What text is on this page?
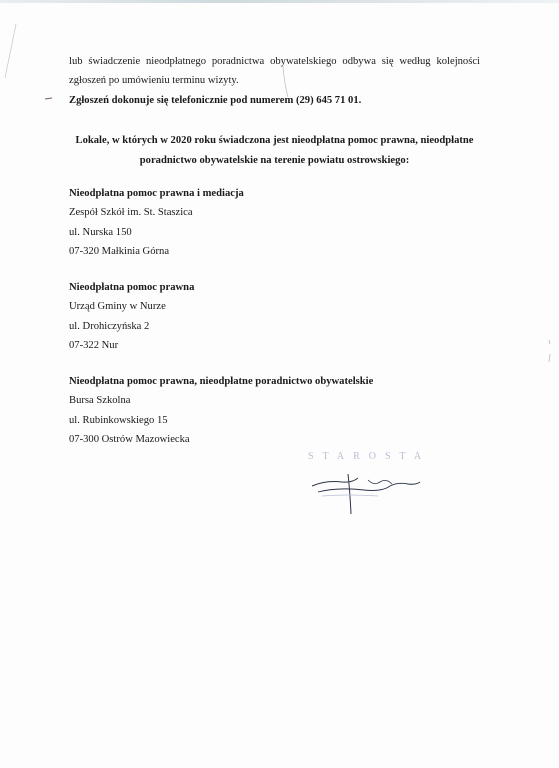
lub świadczenie nieodpłatnego poradnictwa obywatelskiego odbywa się według kolejności
zgłoszeń po umówieniu terminu wizyty.
Zgłoszeń dokonuje się telefonicznie pod numerem (29) 645 71 01.
Lokale, w których w 2020 roku świadczona jest nieodpłatna pomoc prawna, nieodpłatne
poradnictwo obywatelskie na terenie powiatu ostrowskiego:
Nieodpłatna pomoc prawna i mediacja
Zespół Szkół im. St. Staszica
ul. Nurska 150
07-320 Małkinia Górna
Nieodpłatna pomoc prawna
Urząd Gminy w Nurze
ul. Drohiczyńska 2
07-322 Nur
Nieodpłatna pomoc prawna, nieodpłatne poradnictwo obywatelskie
Bursa Szkolna
ul. Rubinkowskiego 15
07-300 Ostrów Mazowiecka
STAROSTA
